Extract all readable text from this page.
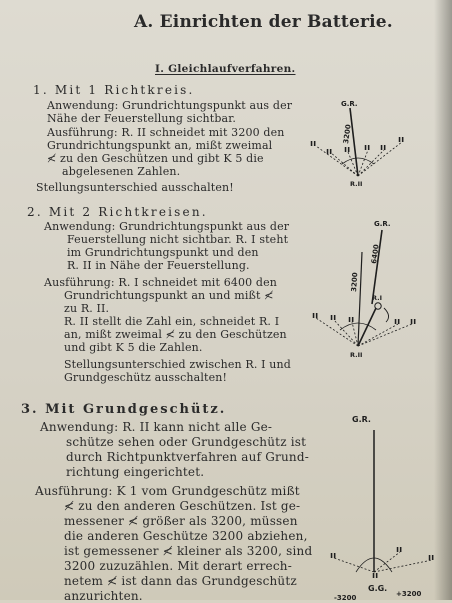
A. Einrichten der Batterie.
I. Gleichlaufverfahren.
1. Mit 1 Richtkreis.
Anwendung: Grundrichtungspunkt aus der
Nähe der Feuerstellung sichtbar.
Ausführung: R. II schneidet mit 3200 den
Grundrichtungspunkt an, mißt zweimal
≮ zu den Geschützen und gibt K 5 die
abgelesenen Zahlen.
Stellungsunterschied ausschalten!
ıı
ıı ıı ıı ıı
ıı
G.R.
3200
R.II
2. Mit 2 Richtkreisen.
Anwendung: Grundrichtungspunkt aus der
Feuerstellung nicht sichtbar. R. I steht
im Grundrichtungspunkt und den
R. II in Nähe der Feuerstellung.
Ausführung: R. I schneidet mit 6400 den
Grundrichtungspunkt an und mißt ≮
zu R. II.
R. II stellt die Zahl ein, schneidet R. I
an, mißt zweimal ≮ zu den Geschützen
und gibt K 5 die Zahlen.
Stellungsunterschied zwischen R. I und
Grundgeschütz ausschalten!
ıı ıı ıı	ıı ıı
G.R.
3200
6400
R.I
R.II
3. Mit Grundgeschütz.
Anwendung: R. II kann nicht alle Ge-
schütze sehen oder Grundgeschütz ist
durch Richtpunktverfahren auf Grund-
richtung eingerichtet.
Ausführung: K 1 vom Grundgeschütz mißt
≮ zu den anderen Geschützen. Ist ge-
messener ≮ größer als 3200, müssen
die anderen Geschütze 3200 abziehen,
ist gemessener ≮ kleiner als 3200, sind
3200 zuzuzählen. Mit derart errech-
netem ≮ ist dann das Grundgeschütz
anzurichten.
ıı
ıı
ıı
ıı
G.R.
G.G.
-3200	+3200
